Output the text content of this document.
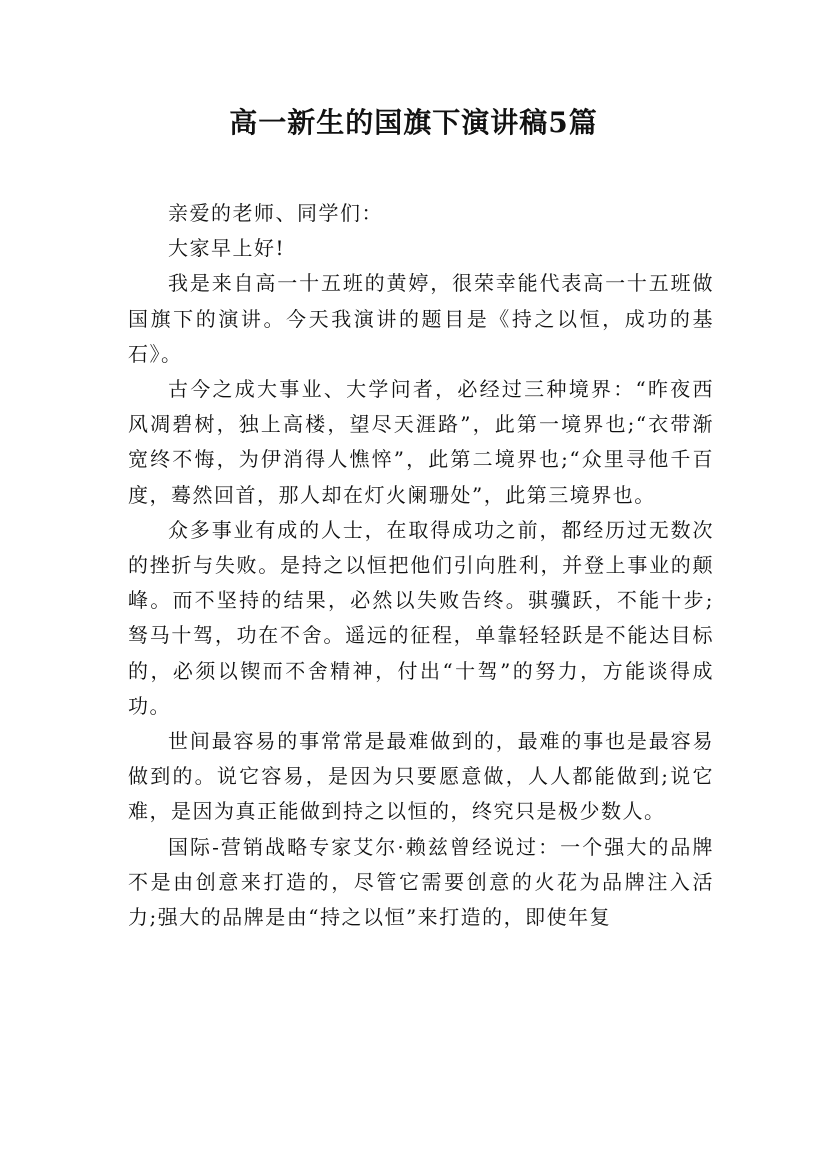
高一新生的国旗下演讲稿5篇

亲爱的老师、同学们：

大家早上好!

我是来自高一十五班的黄婷，很荣幸能代表高一十五班做国旗下的演讲。今天我演讲的题目是《持之以恒，成功的基石》。

古今之成大事业、大学问者，必经过三种境界：“昨夜西风凋碧树，独上高楼，望尽天涯路”，此第一境界也;“衣带渐宽终不悔，为伊消得人憔悴”，此第二境界也;“众里寻他千百度，蓦然回首，那人却在灯火阑珊处”，此第三境界也。

众多事业有成的人士，在取得成功之前，都经历过无数次的挫折与失败。是持之以恒把他们引向胜利，并登上事业的颠峰。而不坚持的结果，必然以失败告终。骐骥跃，不能十步;驽马十驾，功在不舍。遥远的征程，单靠轻轻跃是不能达目标的，必须以锲而不舍精神，付出“十驾”的努力，方能谈得成功。

世间最容易的事常常是最难做到的，最难的事也是最容易做到的。说它容易，是因为只要愿意做，人人都能做到;说它难，是因为真正能做到持之以恒的，终究只是极少数人。

国际-营销战略专家艾尔·赖兹曾经说过：一个强大的品牌不是由创意来打造的，尽管它需要创意的火花为品牌注入活力;强大的品牌是由“持之以恒”来打造的，即使年复
